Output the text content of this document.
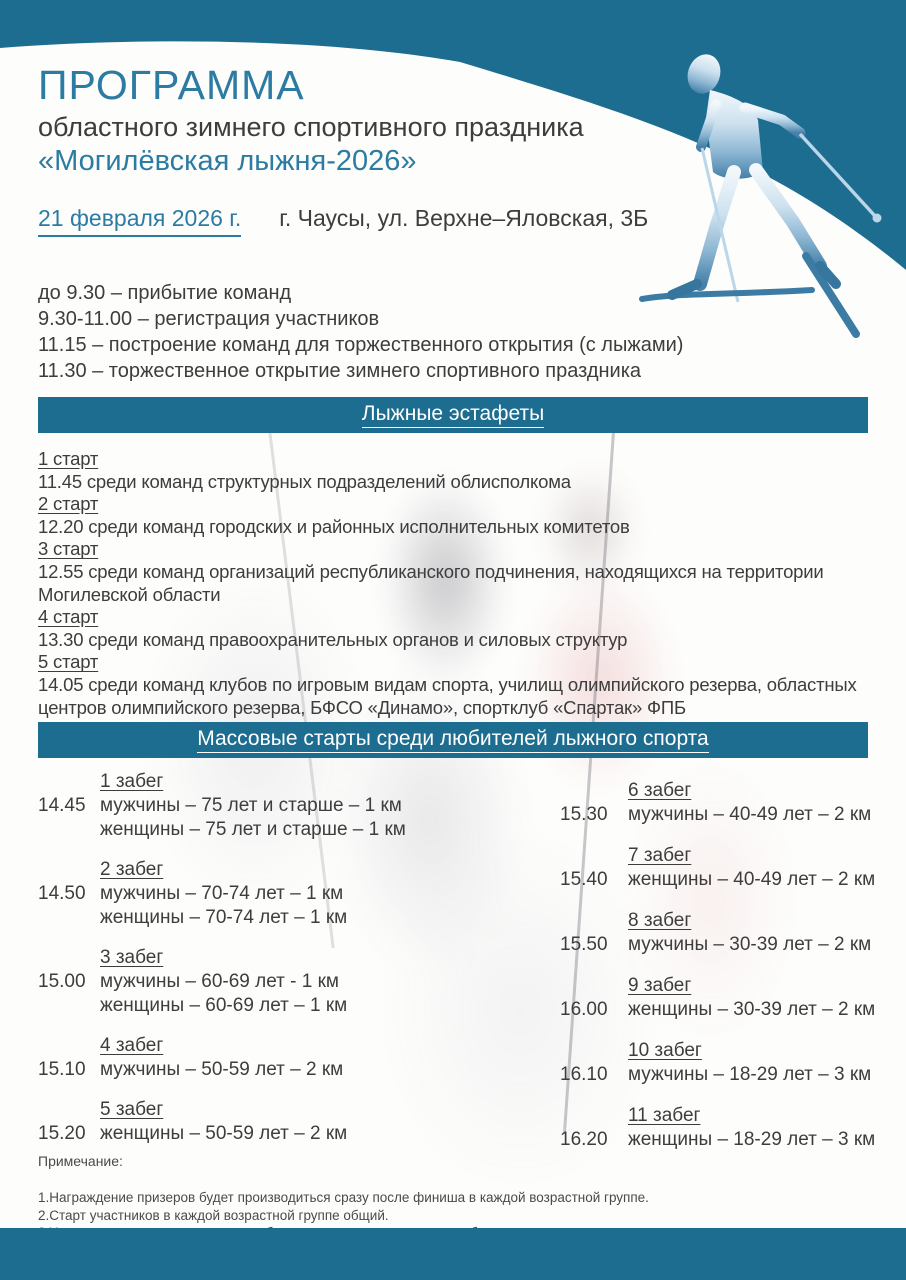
ПРОГРАММА
областного зимнего спортивного праздника
«Могилёвская лыжня-2026»
21 февраля 2026 г. г. Чаусы, ул. Верхне–Яловская, 3Б
до 9.30 – прибытие команд
9.30-11.00 – регистрация участников
11.15 – построение команд для торжественного открытия (с лыжами)
11.30 – торжественное открытие зимнего спортивного праздника
Лыжные эстафеты
1 старт
11.45 среди команд структурных подразделений облисполкома
2 старт
12.20 среди команд городских и районных исполнительных комитетов
3 старт
12.55 среди команд организаций республиканского подчинения, находящихся на территории
Могилевской области
4 старт
13.30 среди команд правоохранительных органов и силовых структур
5 старт
14.05 среди команд клубов по игровым видам спорта, училищ олимпийского резерва, областных
центров олимпийского резерва, БФСО «Динамо», спортклуб «Спартак» ФПБ
Массовые старты среди любителей лыжного спорта
1 забег
14.45 мужчины – 75 лет и старше – 1 км
женщины – 75 лет и старше – 1 км
2 забег
14.50 мужчины – 70-74 лет – 1 км
женщины – 70-74 лет – 1 км
3 забег
15.00 мужчины – 60-69 лет - 1 км
женщины – 60-69 лет – 1 км
4 забег
15.10 мужчины – 50-59 лет – 2 км
5 забег
15.20 женщины – 50-59 лет – 2 км
6 забег
15.30	мужчины – 40-49 лет – 2 км
7 забег
15.40	женщины – 40-49 лет – 2 км
8 забег
15.50	мужчины – 30-39 лет – 2 км
9 забег
16.00	женщины – 30-39 лет – 2 км
10 забег
16.10	мужчины – 18-29 лет – 3 км
11 забег
16.20	женщины – 18-29 лет – 3 км
Примечание:
1.Награждение призеров будет производиться сразу после финиша в каждой возрастной группе.
2.Старт участников в каждой возрастной группе общий.
